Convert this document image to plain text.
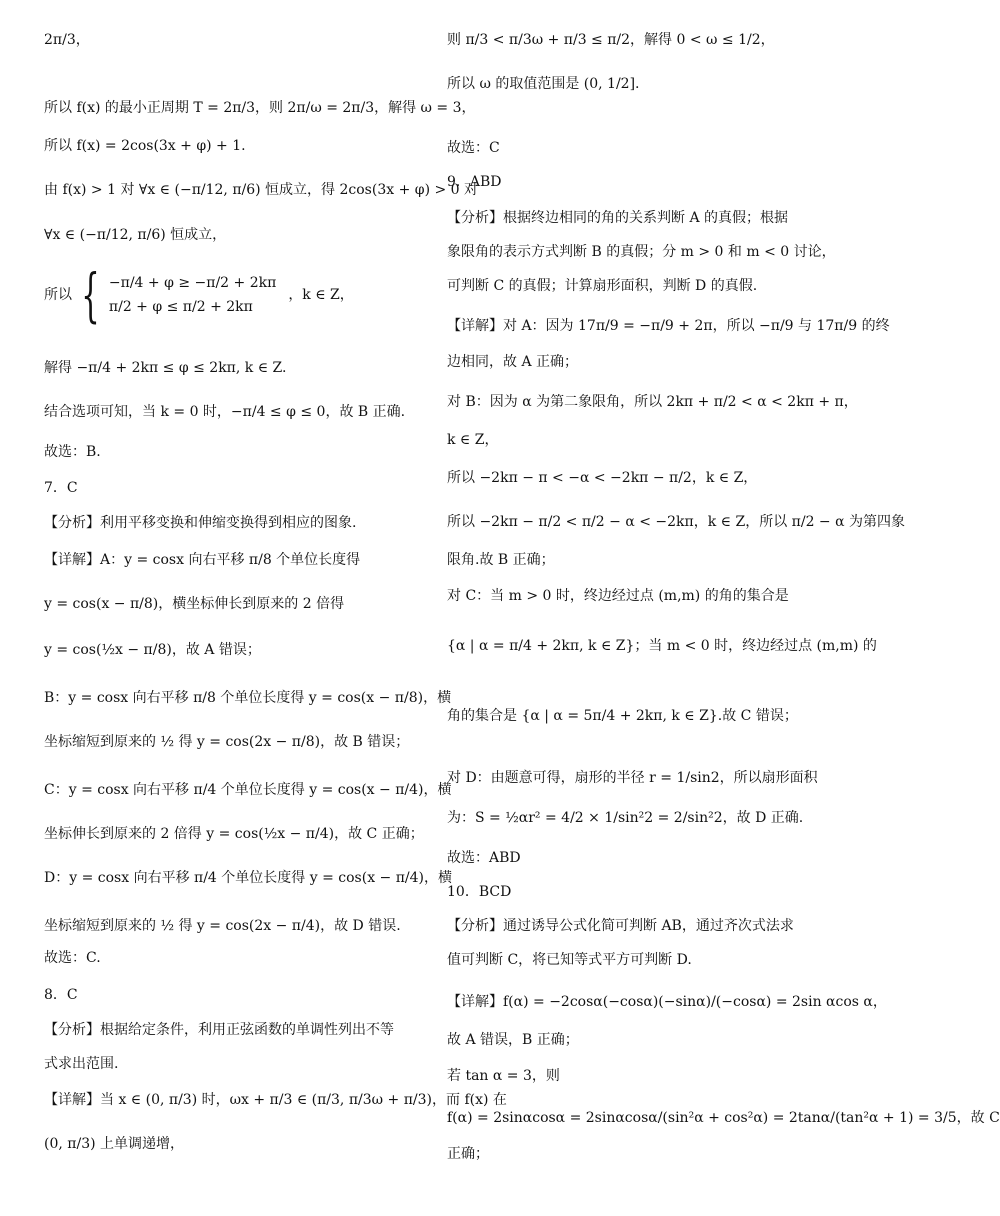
2π/3，
所以 f(x) 的最小正周期 T = 2π/3，则 2π/ω = 2π/3，解得 ω = 3，
所以 f(x) = 2cos(3x + φ) + 1.
由 f(x) > 1 对 ∀x ∈ (−π/12, π/6) 恒成立，得 2cos(3x + φ) > 0 对
∀x ∈ (−π/12, π/6) 恒成立，
所以 { −π/4 + φ ≥ −π/2 + 2kπ
π/2 + φ ≤ π/2 + 2kπ
，k ∈ Z，
解得 −π/4 + 2kπ ≤ φ ≤ 2kπ, k ∈ Z.
结合选项可知，当 k = 0 时，−π/4 ≤ φ ≤ 0，故 B 正确.
故选：B.
7．C
【分析】利用平移变换和伸缩变换得到相应的图象.
【详解】A：y = cosx 向右平移 π/8 个单位长度得
y = cos(x − π/8)，横坐标伸长到原来的 2 倍得
y = cos(½x − π/8)，故 A 错误；
B：y = cosx 向右平移 π/8 个单位长度得 y = cos(x − π/8)，横
坐标缩短到原来的 ½ 得 y = cos(2x − π/8)，故 B 错误；
C：y = cosx 向右平移 π/4 个单位长度得 y = cos(x − π/4)，横
坐标伸长到原来的 2 倍得 y = cos(½x − π/4)，故 C 正确；
D：y = cosx 向右平移 π/4 个单位长度得 y = cos(x − π/4)，横
坐标缩短到原来的 ½ 得 y = cos(2x − π/4)，故 D 错误.
故选：C.
8．C
【分析】根据给定条件，利用正弦函数的单调性列出不等
式求出范围.
【详解】当 x ∈ (0, π/3) 时，ωx + π/3 ∈ (π/3, π/3ω + π/3)，而 f(x) 在
(0, π/3) 上单调递增，
则 π/3 < π/3ω + π/3 ≤ π/2，解得 0 < ω ≤ 1/2，
所以 ω 的取值范围是 (0, 1/2].
故选：C
9．ABD
【分析】根据终边相同的角的关系判断 A 的真假；根据
象限角的表示方式判断 B 的真假；分 m > 0 和 m < 0 讨论，
可判断 C 的真假；计算扇形面积，判断 D 的真假.
【详解】对 A：因为 17π/9 = −π/9 + 2π，所以 −π/9 与 17π/9 的终
边相同，故 A 正确；
对 B：因为 α 为第二象限角，所以 2kπ + π/2 < α < 2kπ + π，
k ∈ Z，
所以 −2kπ − π < −α < −2kπ − π/2，k ∈ Z，
所以 −2kπ − π/2 < π/2 − α < −2kπ，k ∈ Z，所以 π/2 − α 为第四象
限角.故 B 正确；
对 C：当 m > 0 时，终边经过点 (m,m) 的角的集合是
{α | α = π/4 + 2kπ, k ∈ Z}；当 m < 0 时，终边经过点 (m,m) 的
角的集合是 {α | α = 5π/4 + 2kπ, k ∈ Z}.故 C 错误；
对 D：由题意可得，扇形的半径 r = 1/sin2，所以扇形面积
为：S = ½αr² = 4/2 × 1/sin²2 = 2/sin²2，故 D 正确.
故选：ABD
10．BCD
【分析】通过诱导公式化简可判断 AB，通过齐次式法求
值可判断 C，将已知等式平方可判断 D.
【详解】f(α) = −2cosα(−cosα)(−sinα)/(−cosα) = 2sin αcos α，
故 A 错误，B 正确；
若 tan α = 3，则
f(α) = 2sinαcosα = 2sinαcosα/(sin²α + cos²α) = 2tanα/(tan²α + 1) = 3/5，故 C
正确；
